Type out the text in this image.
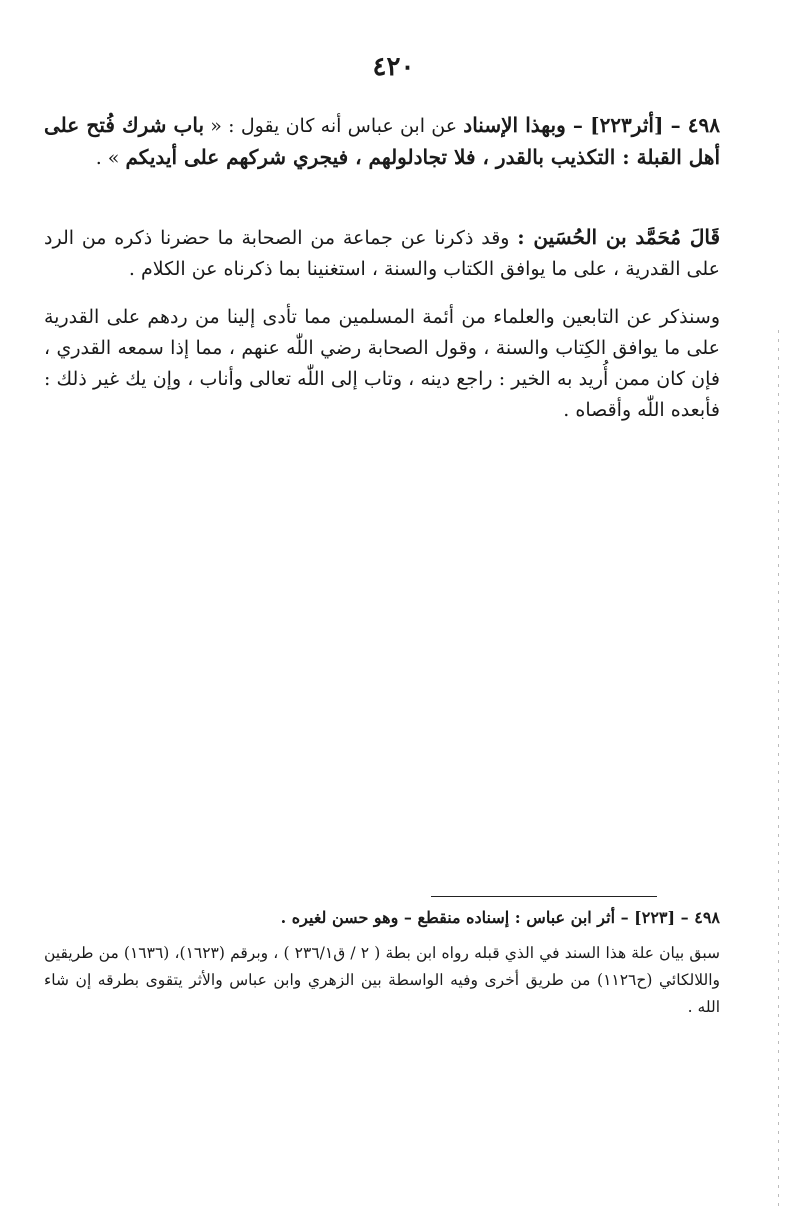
٤٢٠

٤٩٨ – [أثر٢٢٣] – وبهذا الإسناد عن ابن عباس أنه كان يقول : « باب شرك فُتح على أهل القبلة : التكذيب بالقدر ، فلا تجادلولهم ، فيجري شركهم على أيديكم » .

قَالَ مُحَمَّد بن الحُسَين : وقد ذكرنا عن جماعة من الصحابة ما حضرنا ذكره من الرد على القدرية ، على ما يوافق الكتاب والسنة ، استغنينا بما ذكرناه عن الكلام .

وسنذكر عن التابعين والعلماء من أئمة المسلمين مما تأدى إلينا من ردهم على القدرية على ما يوافق الكِتاب والسنة ، وقول الصحابة رضي اللّٰه عنهم ، مما إذا سمعه القدري ، فإن كان ممن أُريد به الخير : راجع دينه ، وتاب إلى اللّٰه تعالى وأناب ، وإن يك غير ذلك : فأبعده اللّٰه وأقصاه .

٤٩٨ – [٢٢٣] – أثر ابن عباس : إسناده منقطع – وهو حسن لغيره .

سبق بيان علة هذا السند في الذي قبله رواه ابن بطة ( ٢ / ق٢٣٦/١ ) ، وبرقم (١٦٢٣)، (١٦٣٦) من طريقين واللالكائي (ح١١٢٦) من طريق أخرى وفيه الواسطة بين الزهري وابن عباس والأثر يتقوى بطرقه إن شاء الله .
